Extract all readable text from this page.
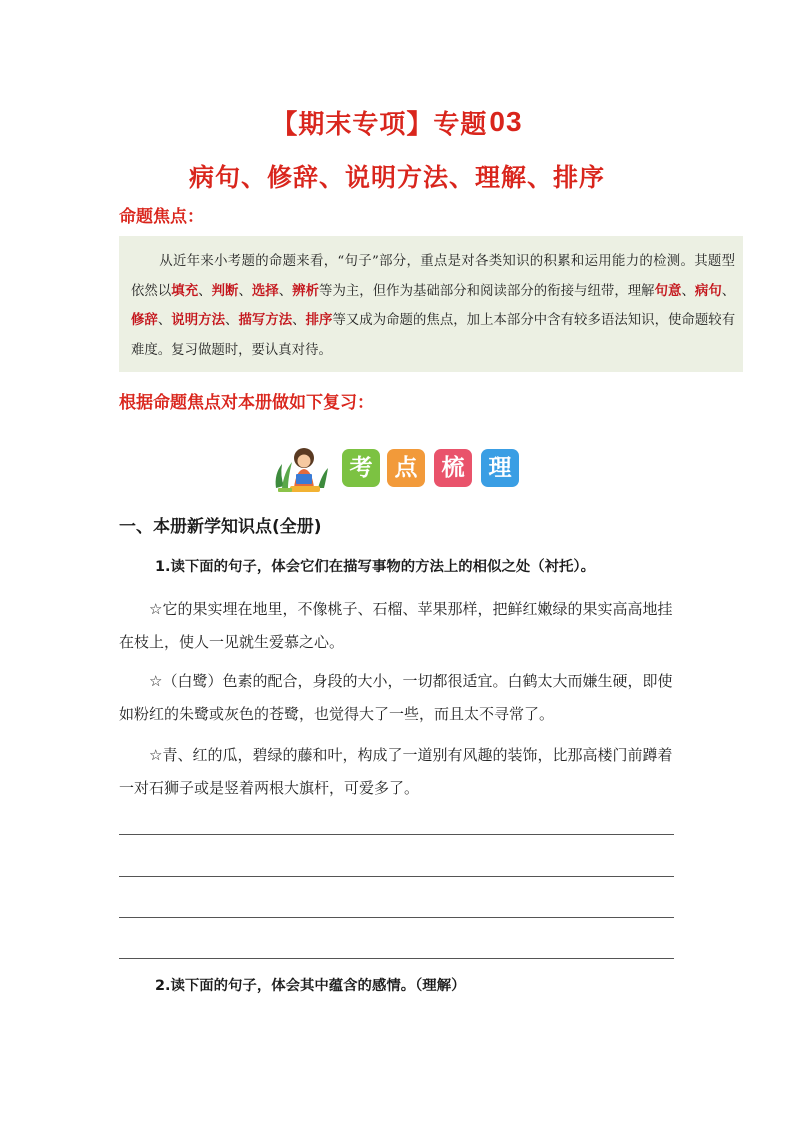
【期末专项】专题03
病句、修辞、说明方法、理解、排序
命题焦点：
从近年来小考题的命题来看，“句子”部分，重点是对各类知识的积累和运用能力的检测。其题型依然以填充、判断、选择、辨析等为主，但作为基础部分和阅读部分的衔接与纽带，理解句意、病句、修辞、说明方法、描写方法、排序等又成为命题的焦点，加上本部分中含有较多语法知识，使命题较有难度。复习做题时，要认真对待。
根据命题焦点对本册做如下复习：
考 点	梳	理
一、本册新学知识点(全册)
1.读下面的句子，体会它们在描写事物的方法上的相似之处（衬托）。
☆它的果实埋在地里，不像桃子、石榴、苹果那样，把鲜红嫩绿的果实高高地挂在枝上，使人一见就生爱慕之心。
☆（白鹭）色素的配合，身段的大小，一切都很适宜。白鹤太大而嫌生硬，即使如粉红的朱鹭或灰色的苍鹭，也觉得大了一些，而且太不寻常了。
☆青、红的瓜，碧绿的藤和叶，构成了一道别有风趣的装饰，比那高楼门前蹲着一对石狮子或是竖着两根大旗杆，可爱多了。
2.读下面的句子，体会其中蕴含的感情。（理解）
